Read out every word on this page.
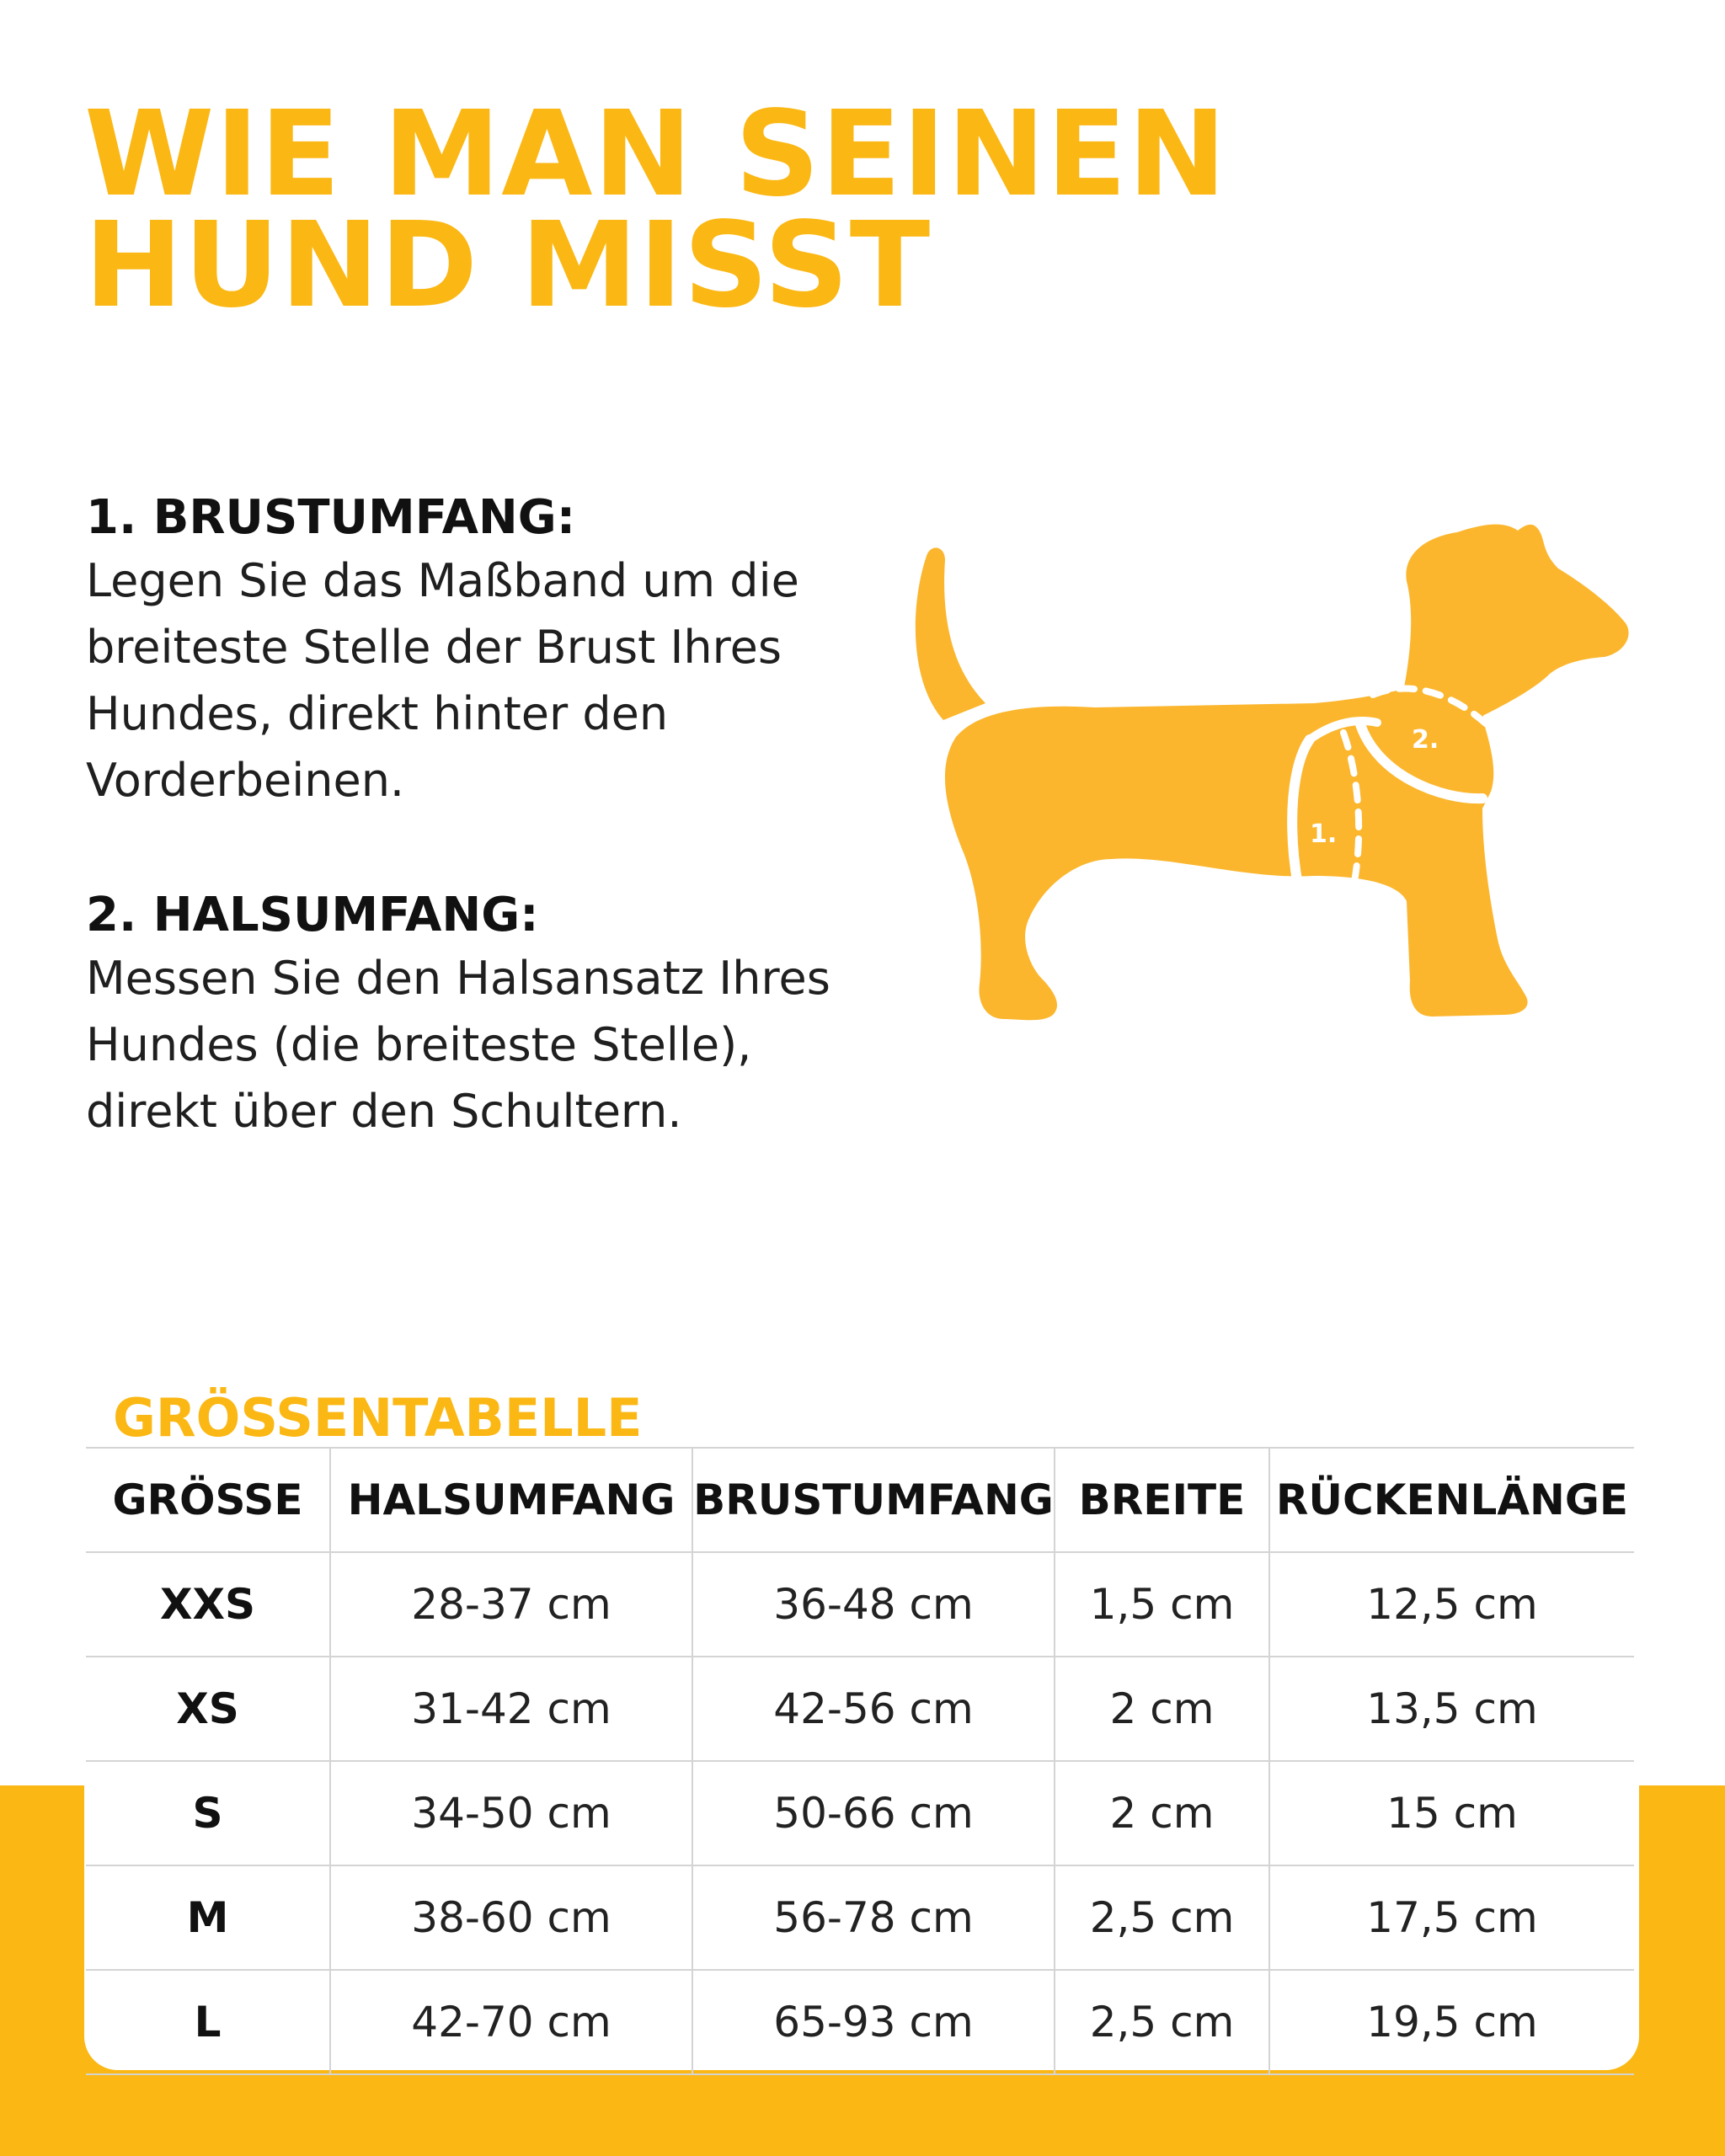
WIE MAN SEINEN HUND MISST
1. BRUSTUMFANG:

Legen Sie das Maßband um die breiteste Stelle der Brust Ihres Hundes, direkt hinter den Vorderbeinen.

2. HALSUMFANG:

Messen Sie den Halsansatz Ihres Hundes (die breiteste Stelle), direkt über den Schultern.

1.
2.
GRÖSSENTABELLE
GRÖSSE	HALSUMFANG	BRUSTUMFANG	BREITE	RÜCKENLÄNGE
XXS	28-37 cm	36-48 cm	1,5 cm	12,5 cm
XS	31-42 cm	42-56 cm	2 cm	13,5 cm
S	34-50 cm	50-66 cm	2 cm	15 cm
M	38-60 cm	56-78 cm	2,5 cm	17,5 cm
L	42-70 cm	65-93 cm	2,5 cm	19,5 cm
